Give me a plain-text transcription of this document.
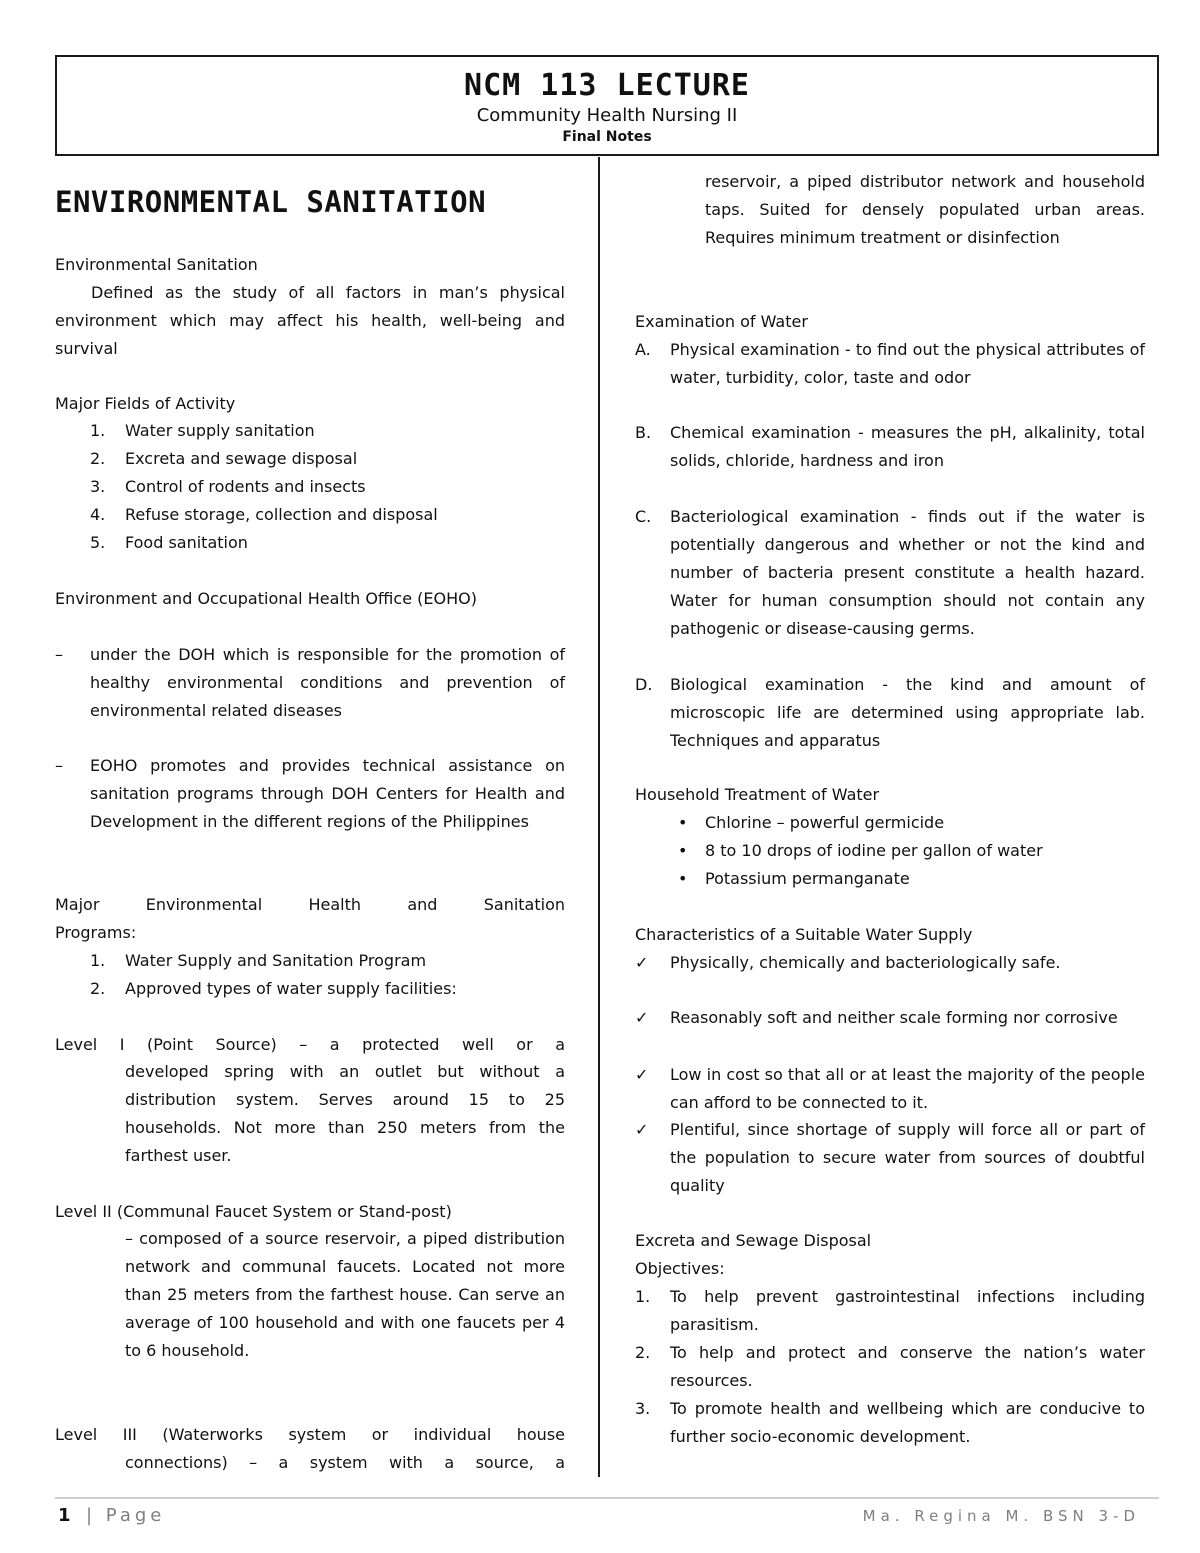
NCM 113 LECTURE
Community Health Nursing II
Final Notes
ENVIRONMENTAL SANITATION
Environmental Sanitation
Defined as the study of all factors in man’s physical environment which may affect his health, well-being and survival
Major Fields of Activity
1. Water supply sanitation
2. Excreta and sewage disposal
3. Control of rodents and insects
4. Refuse storage, collection and disposal
5. Food sanitation
Environment and Occupational Health Office (EOHO)
– under the DOH which is responsible for the promotion of healthy environmental conditions and prevention of environmental related diseases
– EOHO promotes and provides technical assistance on sanitation programs through DOH Centers for Health and Development in the different regions of the Philippines
Major Environmental Health and Sanitation Programs:
1. Water Supply and Sanitation Program
2. Approved types of water supply facilities:
Level I (Point Source) – a protected well or a
developed spring with an outlet but without a distribution system. Serves around 15 to 25 households. Not more than 250 meters from the farthest user.
Level II (Communal Faucet System or Stand-post)
– composed of a source reservoir, a piped distribution network and communal faucets. Located not more than 25 meters from the farthest house. Can serve an average of 100 household and with one faucets per 4 to 6 household.
Level III (Waterworks system or individual house
connections) – a system with a source, a
reservoir, a piped distributor network and household taps. Suited for densely populated urban areas. Requires minimum treatment or disinfection
Examination of Water
A. Physical examination - to find out the physical attributes of water, turbidity, color, taste and odor
B. Chemical examination - measures the pH, alkalinity, total solids, chloride, hardness and iron
C. Bacteriological examination - finds out if the water is potentially dangerous and whether or not the kind and number of bacteria present constitute a health hazard. Water for human consumption should not contain any pathogenic or disease-causing germs.
D. Biological examination - the kind and amount of microscopic life are determined using appropriate lab. Techniques and apparatus
Household Treatment of Water
• Chlorine – powerful germicide
• 8 to 10 drops of iodine per gallon of water
• Potassium permanganate
Characteristics of a Suitable Water Supply
✓ Physically, chemically and bacteriologically safe.
✓ Reasonably soft and neither scale forming nor corrosive
✓ Low in cost so that all or at least the majority of the people can afford to be connected to it.
✓ Plentiful, since shortage of supply will force all or part of the population to secure water from sources of doubtful quality
Excreta and Sewage Disposal
Objectives:
1. To help prevent gastrointestinal infections including parasitism.
2. To help and protect and conserve the nation’s water resources.
3. To promote health and wellbeing which are conducive to further socio-economic development.
1 | Page	Ma. Regina M. BSN 3-D
